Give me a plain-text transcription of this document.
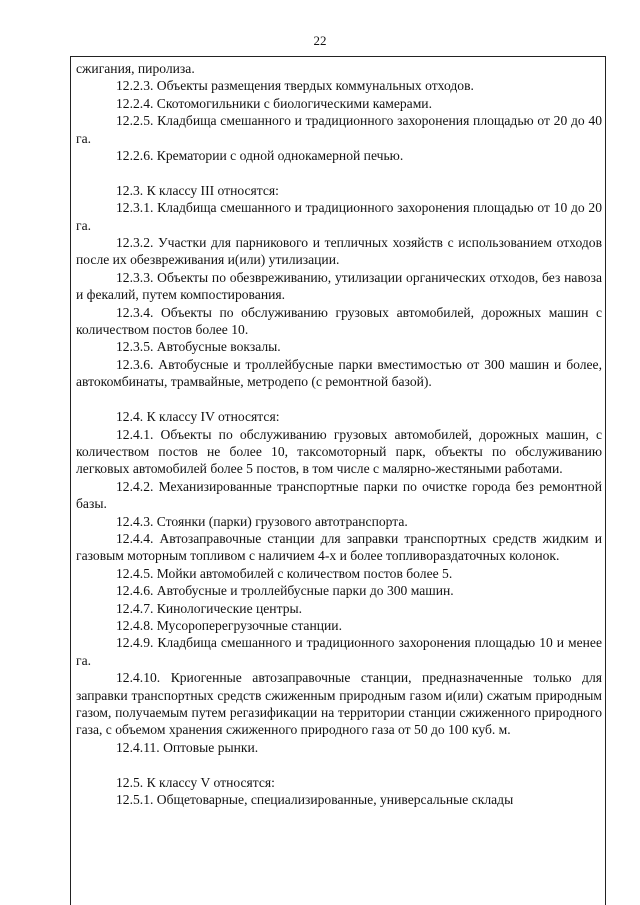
22

сжигания, пиролиза.

12.2.3. Объекты размещения твердых коммунальных отходов.

12.2.4. Скотомогильники с биологическими камерами.

12.2.5. Кладбища смешанного и традиционного захоронения площадью от 20 до 40 га.

12.2.6. Крематории с одной однокамерной печью.

12.3. К классу III относятся:

12.3.1. Кладбища смешанного и традиционного захоронения площадью от 10 до 20 га.

12.3.2. Участки для парникового и тепличных хозяйств с использованием отходов после их обезвреживания и(или) утилизации.

12.3.3. Объекты по обезвреживанию, утилизации органических отходов, без навоза и фекалий, путем компостирования.

12.3.4. Объекты по обслуживанию грузовых автомобилей, дорожных машин с количеством постов более 10.

12.3.5. Автобусные вокзалы.

12.3.6. Автобусные и троллейбусные парки вместимостью от 300 машин и более, автокомбинаты, трамвайные, метродепо (с ремонтной базой).

12.4. К классу IV относятся:

12.4.1. Объекты по обслуживанию грузовых автомобилей, дорожных машин, с количеством постов не более 10, таксомоторный парк, объекты по обслуживанию легковых автомобилей более 5 постов, в том числе с малярно-жестяными работами.

12.4.2. Механизированные транспортные парки по очистке города без ремонтной базы.

12.4.3. Стоянки (парки) грузового автотранспорта.

12.4.4. Автозаправочные станции для заправки транспортных средств жидким и газовым моторным топливом с наличием 4-х и более топливораздаточных колонок.

12.4.5. Мойки автомобилей с количеством постов более 5.

12.4.6. Автобусные и троллейбусные парки до 300 машин.

12.4.7. Кинологические центры.

12.4.8. Мусороперегрузочные станции.

12.4.9. Кладбища смешанного и традиционного захоронения площадью 10 и менее га.

12.4.10. Криогенные автозаправочные станции, предназначенные только для заправки транспортных средств сжиженным природным газом и(или) сжатым природным газом, получаемым путем регазификации на территории станции сжиженного природного газа, с объемом хранения сжиженного природного газа от 50 до 100 куб. м.

12.4.11. Оптовые рынки.

12.5. К классу V относятся:

12.5.1. Общетоварные, специализированные, универсальные склады
